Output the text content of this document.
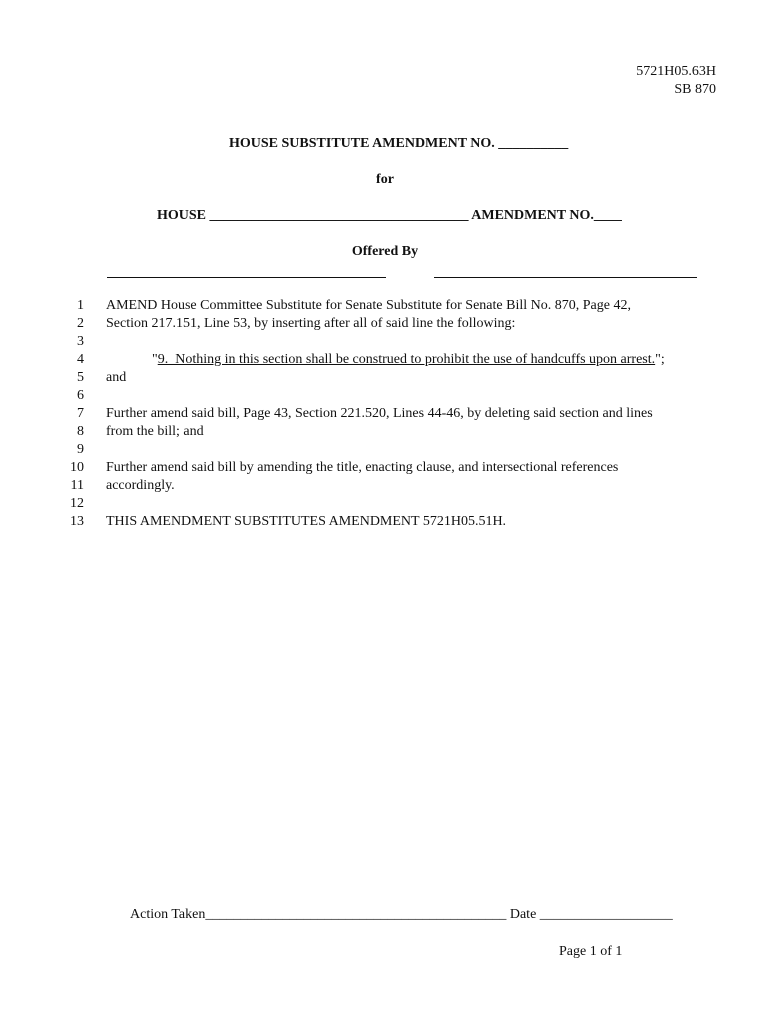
5721H05.63H
SB 870
HOUSE SUBSTITUTE AMENDMENT NO. __________
for
HOUSE _____________________________________ AMENDMENT NO.____
Offered By
1
2
3
4
5
6
7
8
9
10
11
12
13
AMEND House Committee Substitute for Senate Substitute for Senate Bill No. 870, Page 42,
Section 217.151, Line 53, by inserting after all of said line the following:
"9.  Nothing in this section shall be construed to prohibit the use of handcuffs upon arrest.";
and
Further amend said bill, Page 43, Section 221.520, Lines 44-46, by deleting said section and lines
from the bill; and
Further amend said bill by amending the title, enacting clause, and intersectional references
accordingly.
THIS AMENDMENT SUBSTITUTES AMENDMENT 5721H05.51H.
Action Taken___________________________________________ Date ___________________
Page 1 of 1
